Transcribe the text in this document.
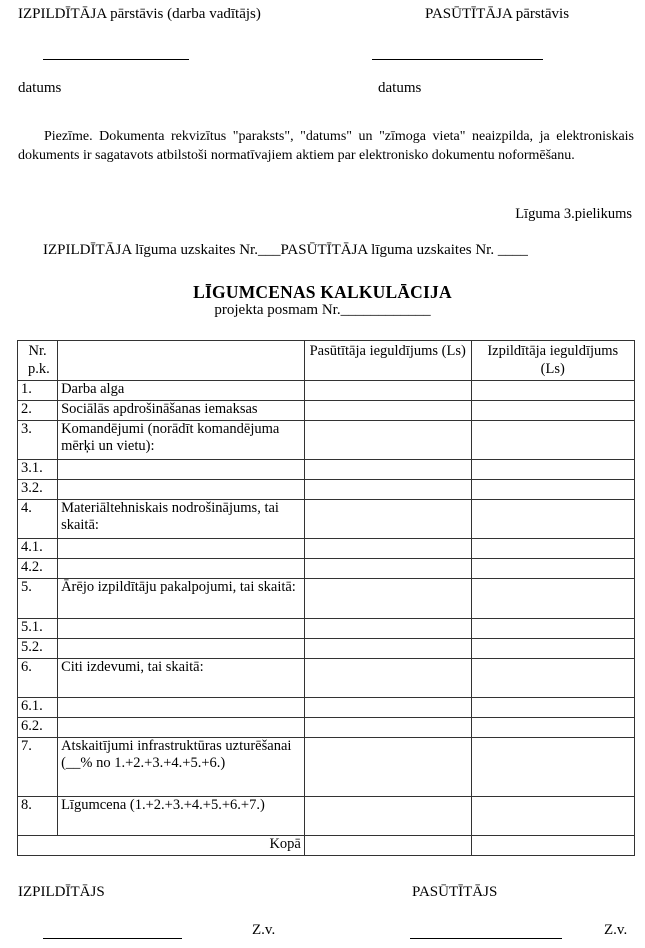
IZPILDĪTĀJA pārstāvis (darba vadītājs)	PASŪTĪTĀJA pārstāvis
datums	datums
Piezīme. Dokumenta rekvizītus "paraksts", "datums" un "zīmoga vieta" neaizpilda, ja elektroniskais dokuments ir sagatavots atbilstoši normatīvajiem aktiem par elektronisko dokumentu noformēšanu.
Līguma 3.pielikums
IZPILDĪTĀJA līguma uzskaites Nr.___PASŪTĪTĀJA līguma uzskaites Nr. ____
LĪGUMCENAS KALKULĀCIJA
projekta posmam Nr.____________
Nr. p.k.		Pasūtītāja ieguldījums (Ls)	Izpildītāja ieguldījums (Ls)
1.	Darba alga		
2.	Sociālās apdrošināšanas iemaksas		
3.	Komandējumi (norādīt komandējuma mērķi un vietu):		
3.1.			
3.2.			
4.	Materiāltehniskais nodrošinājums, tai skaitā:		
4.1.			
4.2.			
5.	Ārējo izpildītāju pakalpojumi, tai skaitā:		
5.1.			
5.2.			
6.	Citi izdevumi, tai skaitā:		
6.1.			
6.2.			
7.	Atskaitījumi infrastruktūras uzturēšanai (__% no 1.+2.+3.+4.+5.+6.)		
8.	Līgumcena (1.+2.+3.+4.+5.+6.+7.)		
Kopā			
IZPILDĪTĀJS	PASŪTĪTĀJS
Z.v.	Z.v.
